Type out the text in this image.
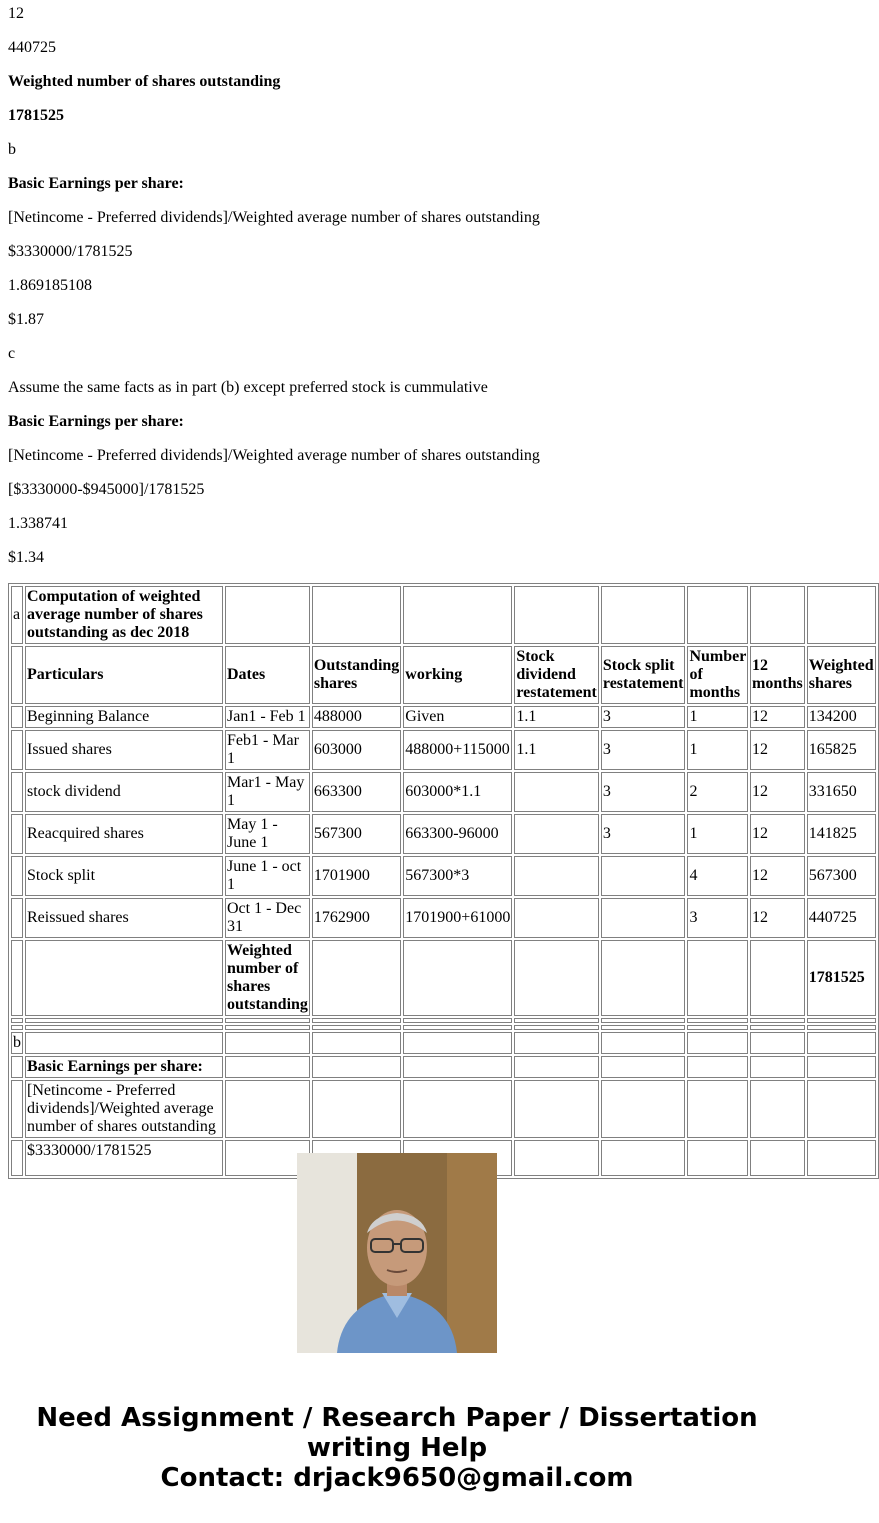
12

440725

Weighted number of shares outstanding

1781525

b

Basic Earnings per share:

[Netincome - Preferred dividends]/Weighted average number of shares outstanding

$3330000/1781525

1.869185108

$1.87

c

Assume the same facts as in part (b) except preferred stock is cummulative

Basic Earnings per share:

[Netincome - Preferred dividends]/Weighted average number of shares outstanding

[$3330000-$945000]/1781525

1.338741

$1.34

a	Computation of weighted average number of shares outstanding as dec 2018								
	Particulars	Dates	Outstanding shares	working	Stock dividend restatement	Stock split restatement	Number of months	12 months	Weighted shares
	Beginning Balance	Jan1 - Feb 1	488000	Given	1.1	3	1	12	134200
	Issued shares	Feb1 - Mar 1	603000	488000+115000	1.1	3	1	12	165825
	stock dividend	Mar1 - May 1	663300	603000*1.1		3	2	12	331650
	Reacquired shares	May 1 - June 1	567300	663300-96000		3	1	12	141825
	Stock split	June 1 - oct 1	1701900	567300*3			4	12	567300
	Reissued shares	Oct 1 - Dec 31	1762900	1701900+61000			3	12	440725
		Weighted number of shares outstanding							1781525

b									
	Basic Earnings per share:								
	[Netincome - Preferred dividends]/Weighted average number of shares outstanding								
	$3330000/1781525								
Need Assignment / Research Paper / Dissertation
writing Help
Contact: drjack9650@gmail.com
